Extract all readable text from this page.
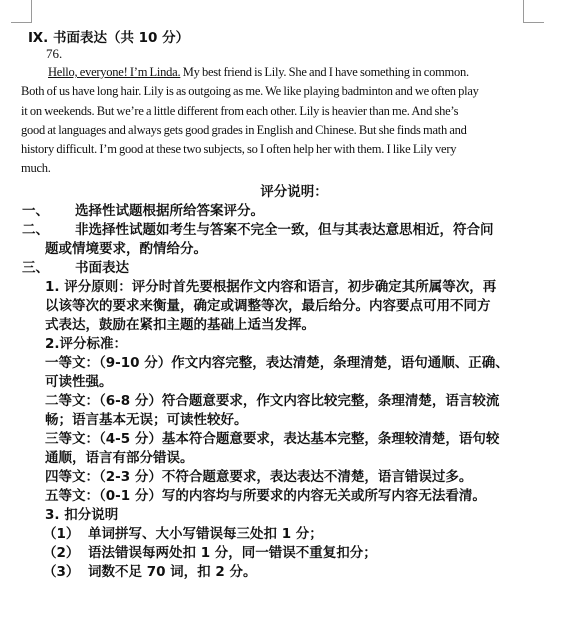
Ⅸ. 书面表达（共 10 分）
76.
Hello, everyone! I’m Linda. My best friend is Lily. She and I have something in common.
Both of us have long hair. Lily is as outgoing as me. We like playing badminton and we often play
it on weekends. But we’re a little different from each other. Lily is heavier than me. And she’s
good at languages and always gets good grades in English and Chinese. But she finds math and
history difficult. I’m good at these two subjects, so I often help her with them. I like Lily very
much.
评分说明：
一、 选择性试题根据所给答案评分。
二、 非选择性试题如考生与答案不完全一致，但与其表达意思相近，符合问
题或情境要求，酌情给分。
三、 书面表达
1. 评分原则：评分时首先要根据作文内容和语言，初步确定其所属等次，再
以该等次的要求来衡量，确定或调整等次，最后给分。内容要点可用不同方
式表达，鼓励在紧扣主题的基础上适当发挥。
2.评分标准：
一等文：（9-10 分）作文内容完整，表达清楚，条理清楚，语句通顺、正确、
可读性强。
二等文：（6-8 分）符合题意要求，作文内容比较完整，条理清楚，语言较流
畅；语言基本无误；可读性较好。
三等文：（4-5 分）基本符合题意要求，表达基本完整，条理较清楚，语句较
通顺，语言有部分错误。
四等文：（2-3 分）不符合题意要求，表达表达不清楚，语言错误过多。
五等文：（0-1 分）写的内容均与所要求的内容无关或所写内容无法看清。
3. 扣分说明
（1） 单词拼写、大小写错误每三处扣 1 分；
（2） 语法错误每两处扣 1 分，同一错误不重复扣分；
（3） 词数不足 70 词，扣 2 分。
